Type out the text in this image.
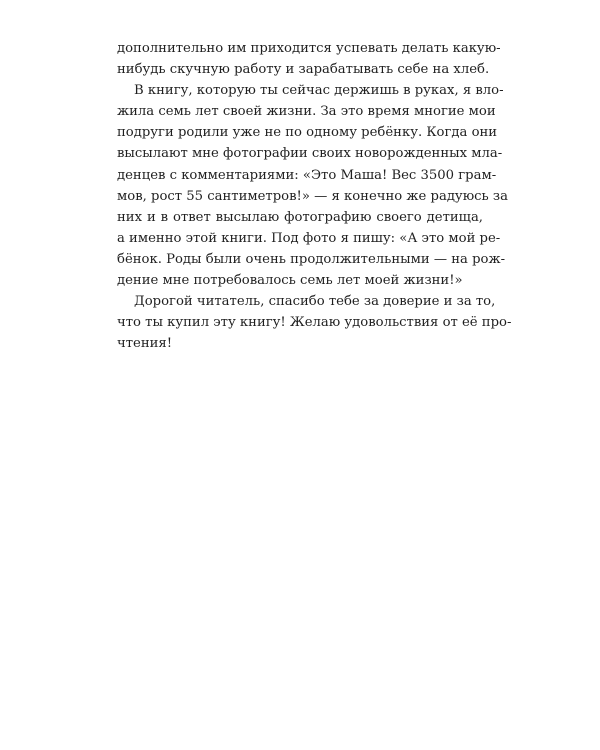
дополнительно им приходится успевать делать какую-
нибудь скучную работу и зарабатывать себе на хлеб.
В книгу, которую ты сейчас держишь в руках, я вло-
жила семь лет своей жизни. За это время многие мои
подруги родили уже не по одному ребёнку. Когда они
высылают мне фотографии своих новорожденных мла-
денцев с комментариями: «Это Маша! Вес 3500 грам-
мов, рост 55 сантиметров!» — я конечно же радуюсь за
них и в ответ высылаю фотографию своего детища,
а именно этой книги. Под фото я пишу: «А это мой ре-
бёнок. Роды были очень продолжительными — на рож-
дение мне потребовалось семь лет моей жизни!»
Дорогой читатель, спасибо тебе за доверие и за то,
что ты купил эту книгу! Желаю удовольствия от её про-
чтения!
